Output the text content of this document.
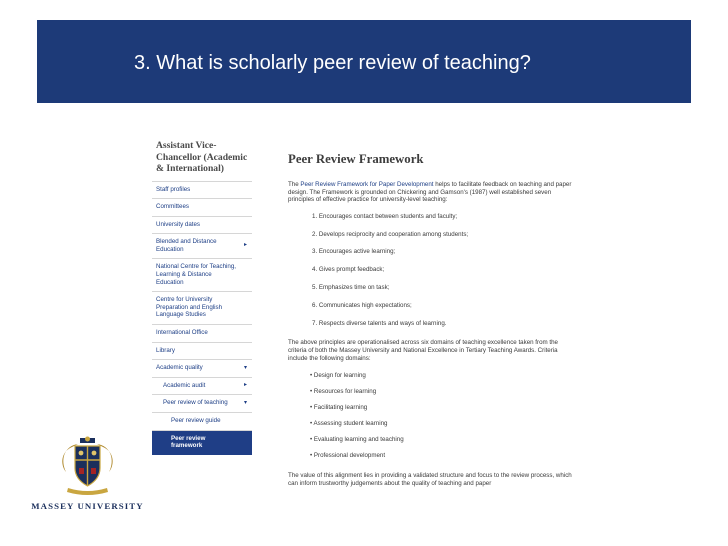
3. What is scholarly peer review of teaching?
Assistant Vice-Chancellor (Academic & International)
Staff profiles
Committees
University dates
Blended and Distance Education
▸
National Centre for Teaching, Learning & Distance Education
Centre for University Preparation and English Language Studies
International Office
Library
Academic quality	▾
Academic audit	▸
Peer review of teaching	▾
Peer review guide
Peer review framework
Peer Review Framework

The Peer Review Framework for Paper Development helps to facilitate feedback on teaching and paper design. The Framework is grounded on Chickering and Gamson's (1987) well established seven principles of effective practice for university-level teaching:

1. Encourages contact between students and faculty;
2. Develops reciprocity and cooperation among students;
3. Encourages active learning;
4. Gives prompt feedback;
5. Emphasizes time on task;
6. Communicates high expectations;
7. Respects diverse talents and ways of learning.

The above principles are operationalised across six domains of teaching excellence taken from the criteria of both the Massey University and National Excellence in Tertiary Teaching Awards. Criteria include the following domains:

• Design for learning
• Resources for learning
• Facilitating learning
• Assessing student learning
• Evaluating learning and teaching
• Professional development

The value of this alignment lies in providing a validated structure and focus to the review process, which can inform trustworthy judgements about the quality of teaching and paper

MASSEY UNIVERSITY
